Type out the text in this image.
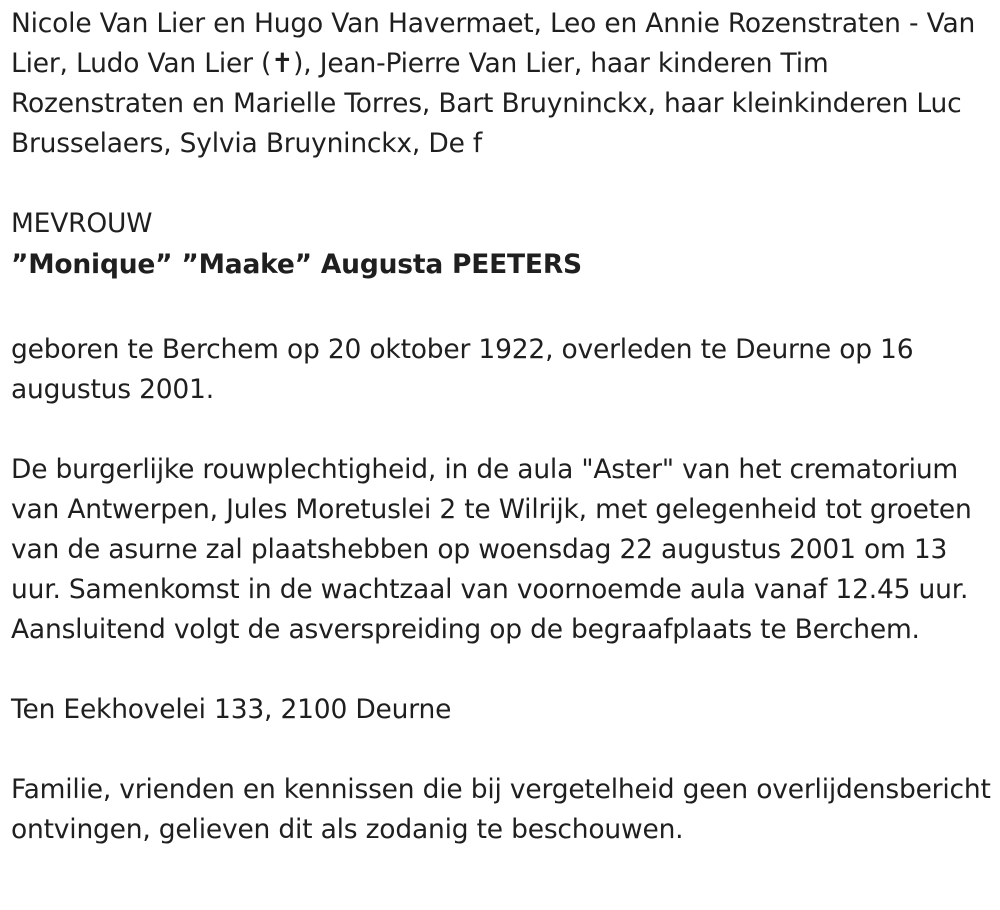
Nicole Van Lier en Hugo Van Havermaet, Leo en Annie Rozenstraten - Van Lier, Ludo Van Lier (✝), Jean-Pierre Van Lier, haar kinderen Tim Rozenstraten en Marielle Torres, Bart Bruyninckx, haar kleinkinderen Luc Brusselaers, Sylvia Bruyninckx, De f

MEVROUW

”Monique” ”Maake” Augusta PEETERS

geboren te Berchem op 20 oktober 1922, overleden te Deurne op 16 augustus 2001.

De burgerlijke rouwplechtigheid, in de aula "Aster" van het crematorium van Antwerpen, Jules Moretuslei 2 te Wilrijk, met gelegenheid tot groeten van de asurne zal plaatshebben op woensdag 22 augustus 2001 om 13 uur. Samenkomst in de wachtzaal van voornoemde aula vanaf 12.45 uur. Aansluitend volgt de asverspreiding op de begraafplaats te Berchem.

Ten Eekhovelei 133, 2100 Deurne

Familie, vrienden en kennissen die bij vergetelheid geen overlijdensbericht ontvingen, gelieven dit als zodanig te beschouwen.
